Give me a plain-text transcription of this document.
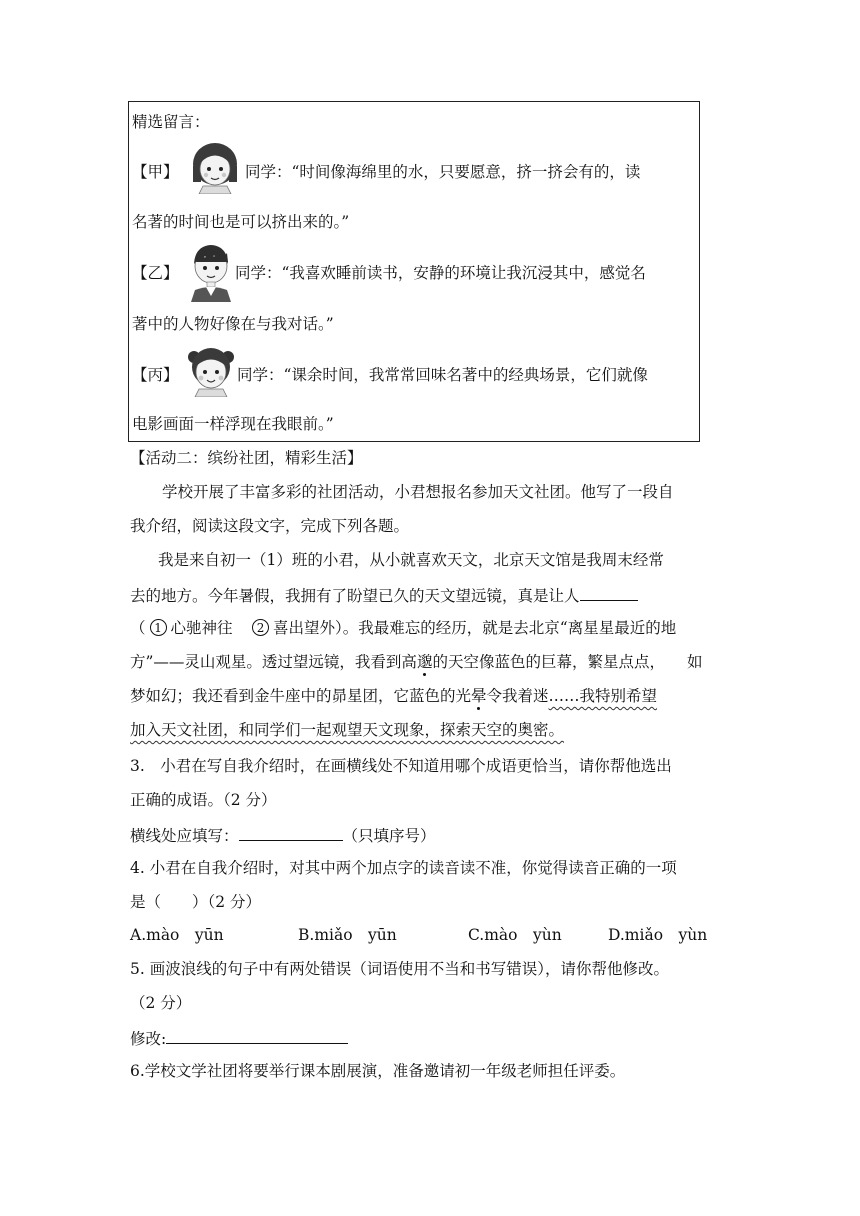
精选留言：
【甲】	同学：“时间像海绵里的水，只要愿意，挤一挤会有的，读
名著的时间也是可以挤出来的。”
【乙】	同学：“我喜欢睡前读书，安静的环境让我沉浸其中，感觉名
著中的人物好像在与我对话。”
【丙】	同学：“课余时间，我常常回味名著中的经典场景，它们就像
电影画面一样浮现在我眼前。”
【活动二：缤纷社团，精彩生活】
学校开展了丰富多彩的社团活动，小君想报名参加天文社团。他写了一段自
我介绍，阅读这段文字，完成下列各题。
我是来自初一（1）班的小君，从小就喜欢天文，北京天文馆是我周末经常
去的地方。今年暑假，我拥有了盼望已久的天文望远镜，真是让人
（ 1 心驰神往　 2 喜出望外）。我最难忘的经历，就是去北京“离星星最近的地
方”——灵山观星。透过望远镜，我看到高邈的天空像蓝色的巨幕，繁星点点， 如
梦如幻；我还看到金牛座中的昴星团，它蓝色的光晕令我着迷……我特别希望
加入天文社团，和同学们一起观望天文现象，探索天空的奥密。
3.　小君在写自我介绍时，在画横线处不知道用哪个成语更恰当，请你帮他选出
正确的成语。（2 分）
横线处应填写：	（只填序号）
4. 小君在自我介绍时，对其中两个加点字的读音读不准，你觉得读音正确的一项
是（　　）（2 分）
A.mào　yūn	B.miǎo　yūn	C.mào　yùn	D.miǎo　yùn
5. 画波浪线的句子中有两处错误（词语使用不当和书写错误），请你帮他修改。
（2 分）
修改:
6.学校文学社团将要举行课本剧展演，准备邀请初一年级老师担任评委。
